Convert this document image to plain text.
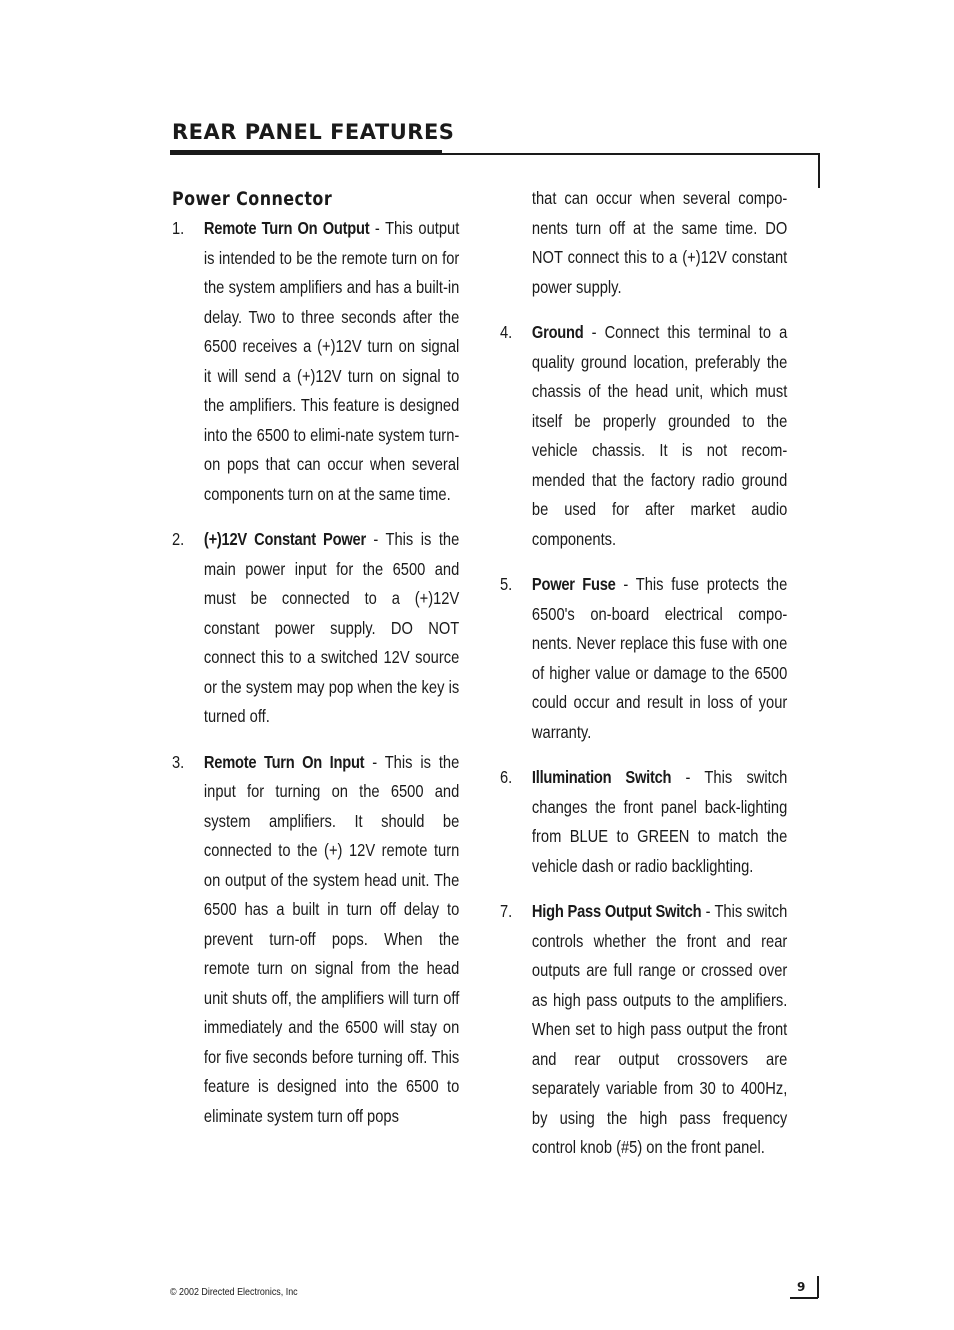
REAR PANEL FEATURES
Power Connector
1. Remote Turn On Output - This output is intended to be the remote turn on for the system amplifiers and has a built-in delay. Two to three seconds after the 6500 receives a (+)12V turn on signal it will send a (+)12V turn on signal to the amplifiers. This feature is designed into the 6500 to elimi-nate system turn-on pops that can occur when several components turn on at the same time.
2. (+)12V Constant Power - This is the main power input for the 6500 and must be connected to a (+)12V constant power supply. DO NOT connect this to a switched 12V source or the system may pop when the key is turned off.
3. Remote Turn On Input - This is the input for turning on the 6500 and system amplifiers. It should be connected to the (+) 12V remote turn on output of the system head unit. The 6500 has a built in turn off delay to prevent turn-off pops. When the remote turn on signal from the head unit shuts off, the amplifiers will turn off immediately and the 6500 will stay on for five seconds before turning off. This feature is designed into the 6500 to eliminate system turn off pops
that can occur when several compo-nents turn off at the same time. DO NOT connect this to a (+)12V constant power supply.
4. Ground - Connect this terminal to a quality ground location, preferably the chassis of the head unit, which must itself be properly grounded to the vehicle chassis. It is not recom-mended that the factory radio ground be used for after market audio components.
5. Power Fuse - This fuse protects the 6500's on-board electrical compo-nents. Never replace this fuse with one of higher value or damage to the 6500 could occur and result in loss of your warranty.
6. Illumination Switch - This switch changes the front panel back-lighting from BLUE to GREEN to match the vehicle dash or radio backlighting.
7. High Pass Output Switch - This switch controls whether the front and rear outputs are full range or crossed over as high pass outputs to the amplifiers. When set to high pass output the front and rear output crossovers are separately variable from 30 to 400Hz, by using the high pass frequency control knob (#5) on the front panel.
© 2002 Directed Electronics, Inc	9
